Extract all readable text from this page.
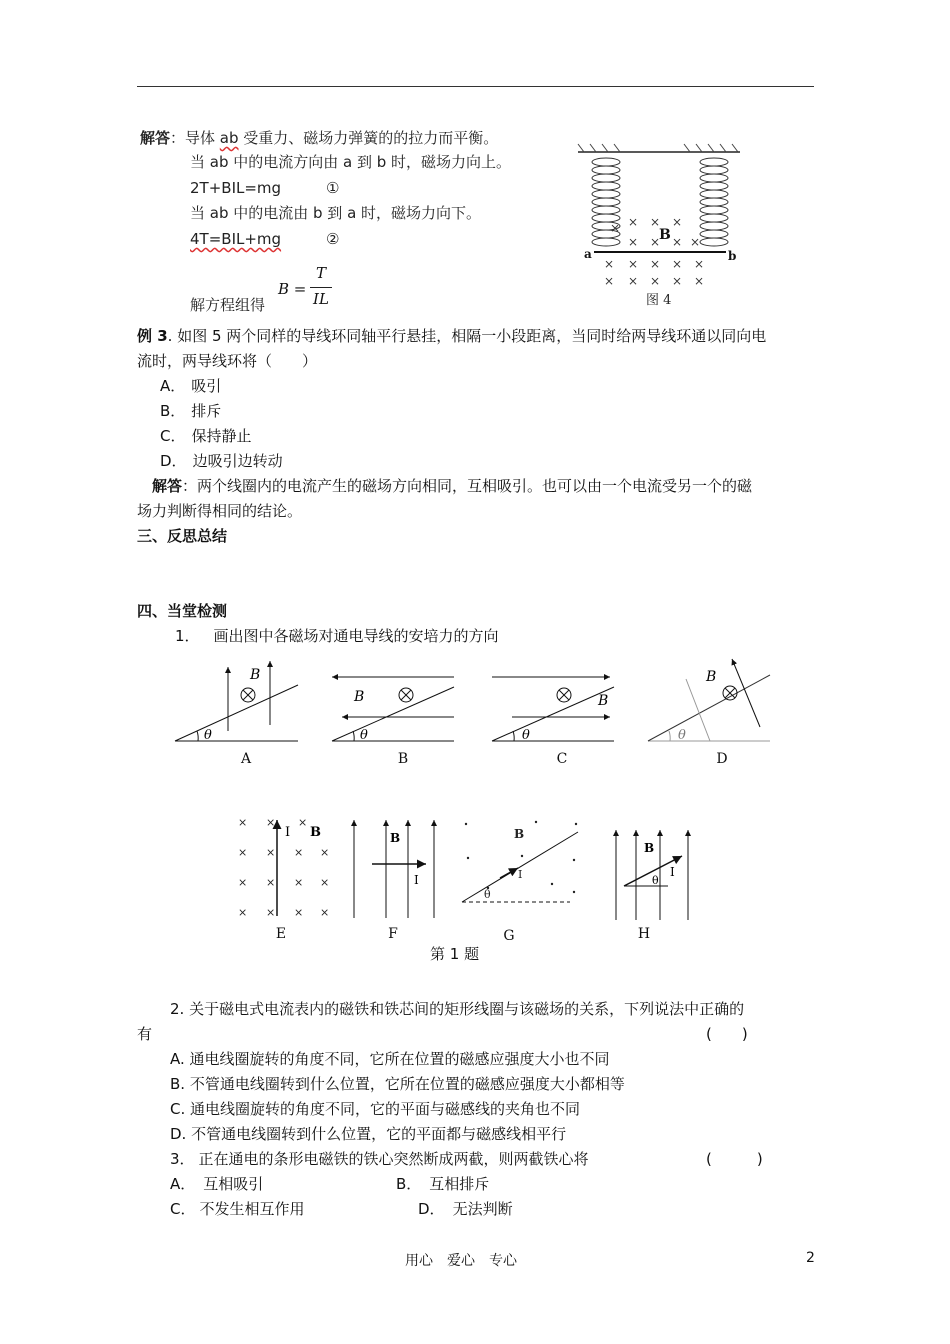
解答：导体 ab 受重力、磁场力弹簧的的拉力而平衡。
当 ab 中的电流方向由 a 到 b 时，磁场力向上。
2T+BIL=mg	①
当 ab 中的电流由 b 到 a 时，磁场力向下。
4T=BIL+mg	②
解方程组得
B =
T
IL
× × × ×
× × × ×
× × × × ×
× × × × ×
B
a	b
图 4
例 3. 如图 5 两个同样的导线环同轴平行悬挂，相隔一小段距离，当同时给两导线环通以同向电
流时，两导线环将（　　）
A． 吸引
B． 排斥
C． 保持静止
D． 边吸引边转动
解答：两个线圈内的电流产生的磁场方向相同，互相吸引。也可以由一个电流受另一个的磁
场力判断得相同的结论。
三、反思总结
四、当堂检测
1． 画出图中各磁场对通电导线的安培力的方向
B
θ
B
θ
B
θ
B
θ
A	B	C	D
× × ×
× × × ×
× × × ×
× × × ×
I B	B
I
θ
I
B
B
θ
I
E	F	G	H
第 1 题
2. 关于磁电式电流表内的磁铁和铁芯间的矩形线圈与该磁场的关系，下列说法中正确的
有	(　　)
A. 通电线圈旋转的角度不同，它所在位置的磁感应强度大小也不同
B. 不管通电线圈转到什么位置，它所在位置的磁感应强度大小都相等
C. 通电线圈旋转的角度不同，它的平面与磁感线的夹角也不同
D. 不管通电线圈转到什么位置，它的平面都与磁感线相平行
3． 正在通电的条形电磁铁的铁心突然断成两截，则两截铁心将	(　　　)
A． 互相吸引	B． 互相排斥
C． 不发生相互作用	D． 无法判断
用心　爱心　专心	2
